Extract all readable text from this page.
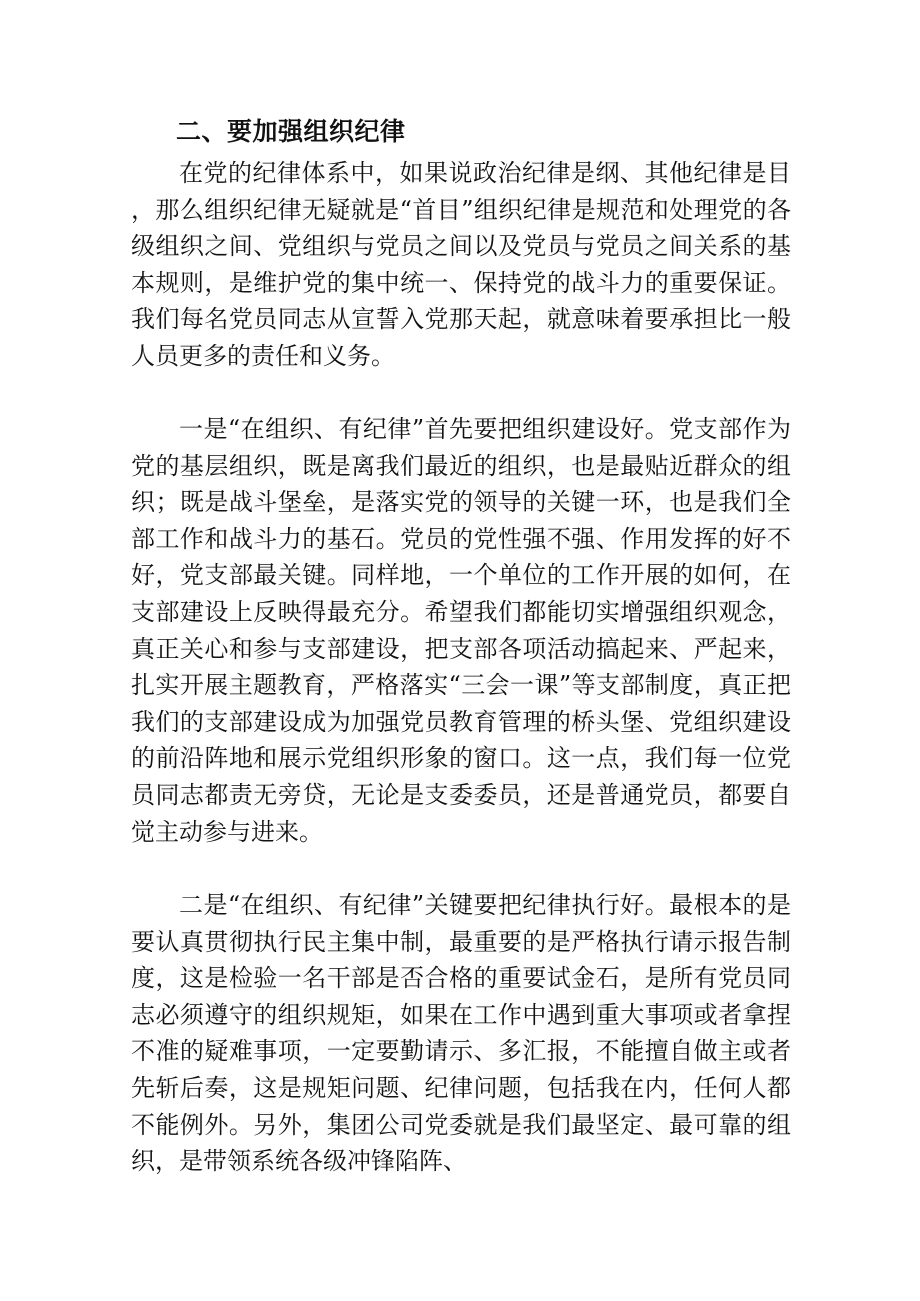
二、要加强组织纪律

在党的纪律体系中，如果说政治纪律是纲、其他纪律是目，那么组织纪律无疑就是“首目”组织纪律是规范和处理党的各级组织之间、党组织与党员之间以及党员与党员之间关系的基本规则，是维护党的集中统一、保持党的战斗力的重要保证。我们每名党员同志从宣誓入党那天起，就意味着要承担比一般人员更多的责任和义务。

一是“在组织、有纪律”首先要把组织建设好。党支部作为党的基层组织，既是离我们最近的组织，也是最贴近群众的组织；既是战斗堡垒，是落实党的领导的关键一环，也是我们全部工作和战斗力的基石。党员的党性强不强、作用发挥的好不好，党支部最关键。同样地，一个单位的工作开展的如何，在支部建设上反映得最充分。希望我们都能切实增强组织观念，真正关心和参与支部建设，把支部各项活动搞起来、严起来，扎实开展主题教育，严格落实“三会一课”等支部制度，真正把我们的支部建设成为加强党员教育管理的桥头堡、党组织建设的前沿阵地和展示党组织形象的窗口。这一点，我们每一位党员同志都责无旁贷，无论是支委委员，还是普通党员，都要自觉主动参与进来。

二是“在组织、有纪律”关键要把纪律执行好。最根本的是要认真贯彻执行民主集中制，最重要的是严格执行请示报告制度，这是检验一名干部是否合格的重要试金石，是所有党员同志必须遵守的组织规矩，如果在工作中遇到重大事项或者拿捏不准的疑难事项，一定要勤请示、多汇报，不能擅自做主或者先斩后奏，这是规矩问题、纪律问题，包括我在内，任何人都不能例外。另外，集团公司党委就是我们最坚定、最可靠的组织，是带领系统各级冲锋陷阵、
